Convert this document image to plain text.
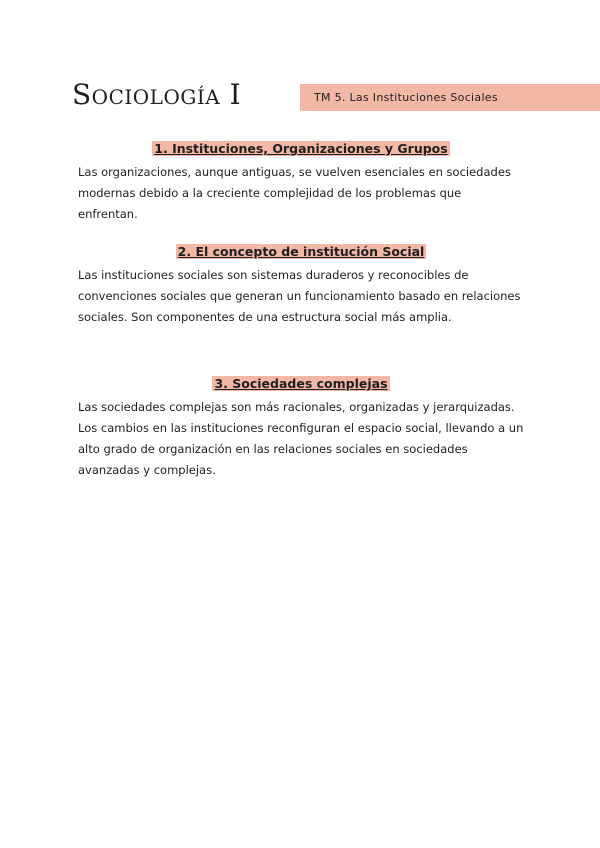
Sociología I	TM 5. Las Instituciones Sociales

1. Instituciones, Organizaciones y Grupos

Las organizaciones, aunque antiguas, se vuelven esenciales en sociedades modernas debido a la creciente complejidad de los problemas que enfrentan.

2. El concepto de institución Social

Las instituciones sociales son sistemas duraderos y reconocibles de convenciones sociales que generan un funcionamiento basado en relaciones sociales. Son componentes de una estructura social más amplia.

3. Sociedades complejas

Las sociedades complejas son más racionales, organizadas y jerarquizadas. Los cambios en las instituciones reconfiguran el espacio social, llevando a un alto grado de organización en las relaciones sociales en sociedades avanzadas y complejas.
